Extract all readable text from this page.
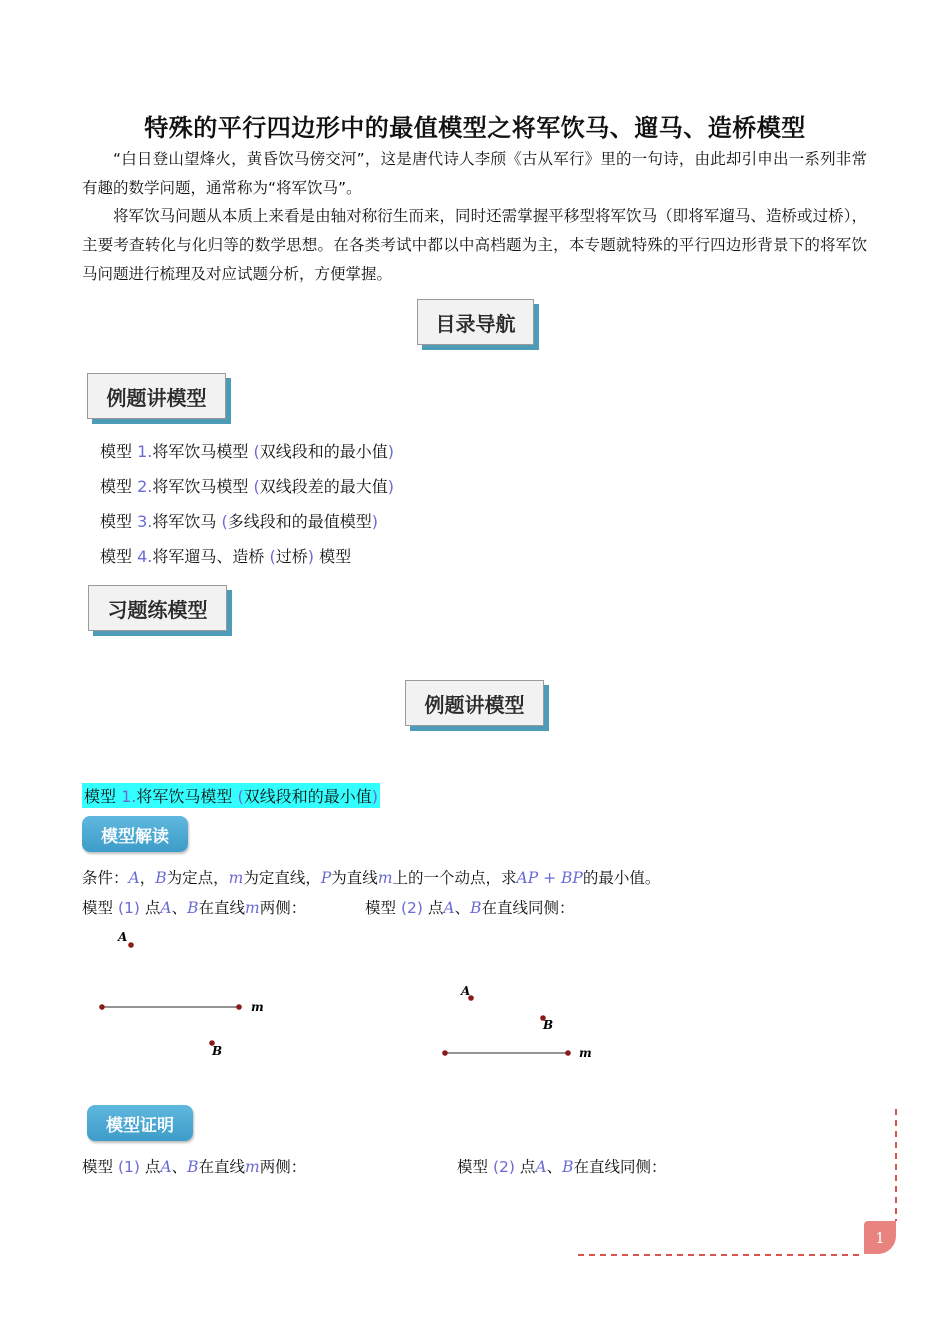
特殊的平行四边形中的最值模型之将军饮马、遛马、造桥模型
“白日登山望烽火，黄昏饮马傍交河”，这是唐代诗人李颀《古从军行》里的一句诗，由此却引申出一系列非常有趣的数学问题，通常称为“将军饮马”。
将军饮马问题从本质上来看是由轴对称衍生而来，同时还需掌握平移型将军饮马（即将军遛马、造桥或过桥），主要考查转化与化归等的数学思想。在各类考试中都以中高档题为主，本专题就特殊的平行四边形背景下的将军饮马问题进行梳理及对应试题分析，方便掌握。
目录导航
例题讲模型
模型 1.将军饮马模型 (双线段和的最小值)
模型 2.将军饮马模型 (双线段差的最大值)
模型 3.将军饮马 (多线段和的最值模型)
模型 4.将军遛马、造桥 (过桥) 模型
习题练模型
例题讲模型
模型 1.将军饮马模型 (双线段和的最小值)
模型解读
条件：A，B为定点，m为定直线，P为直线m上的一个动点，求AP + BP的最小值。
模型 (1) 点A、B在直线m两侧：	模型 (2) 点A、B在直线同侧：
A
B
m
A
B
m
模型证明
模型 (1) 点A、B在直线m两侧：	模型 (2) 点A、B在直线同侧：
1
